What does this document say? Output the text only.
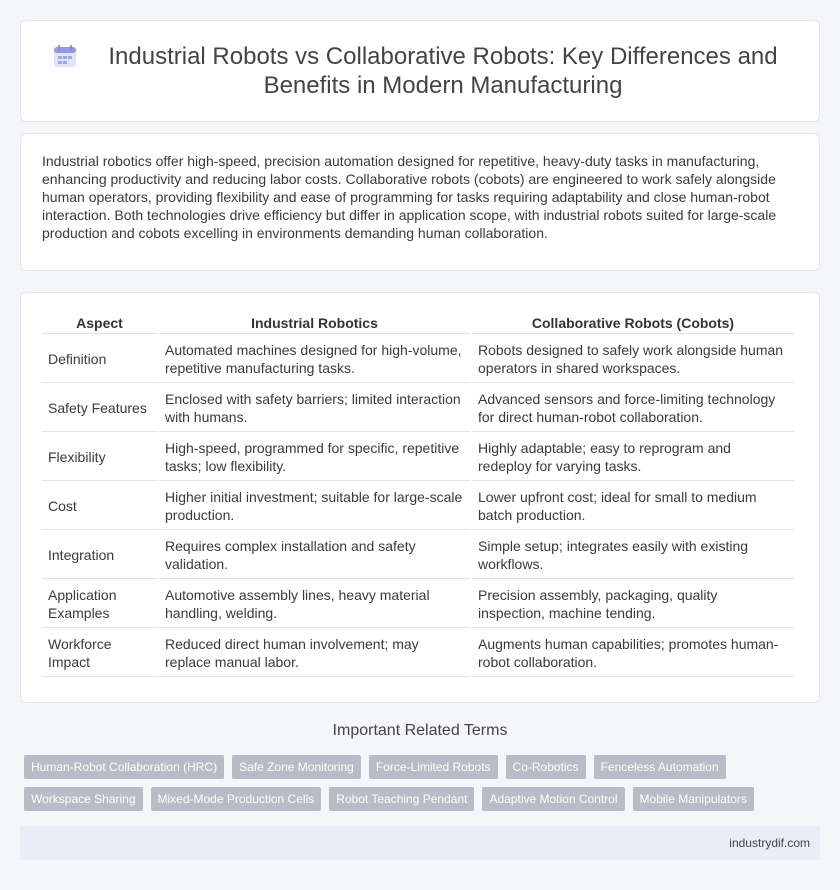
Industrial Robots vs Collaborative Robots: Key Differences and Benefits in Modern Manufacturing

Industrial robotics offer high-speed, precision automation designed for repetitive, heavy-duty tasks in manufacturing, enhancing productivity and reducing labor costs. Collaborative robots (cobots) are engineered to work safely alongside human operators, providing flexibility and ease of programming for tasks requiring adaptability and close human-robot interaction. Both technologies drive efficiency but differ in application scope, with industrial robots suited for large-scale production and cobots excelling in environments demanding human collaboration.

Aspect	Industrial Robotics	Collaborative Robots (Cobots)
Definition	Automated machines designed for high-volume, repetitive manufacturing tasks.	Robots designed to safely work alongside human operators in shared workspaces.
Safety Features	Enclosed with safety barriers; limited interaction with humans.	Advanced sensors and force-limiting technology for direct human-robot collaboration.
Flexibility	High-speed, programmed for specific, repetitive tasks; low flexibility.	Highly adaptable; easy to reprogram and redeploy for varying tasks.
Cost	Higher initial investment; suitable for large-scale production.	Lower upfront cost; ideal for small to medium batch production.
Integration	Requires complex installation and safety validation.	Simple setup; integrates easily with existing workflows.
Application Examples	Automotive assembly lines, heavy material handling, welding.	Precision assembly, packaging, quality inspection, machine tending.
Workforce Impact	Reduced direct human involvement; may replace manual labor.	Augments human capabilities; promotes human-robot collaboration.
Important Related Terms
Human-Robot Collaboration (HRC)	Safe Zone Monitoring	Force-Limited Robots	Co-Robotics	Fenceless Automation
Workspace Sharing	Mixed-Mode Production Cells	Robot Teaching Pendant	Adaptive Motion Control	Mobile Manipulators
industrydif.com
